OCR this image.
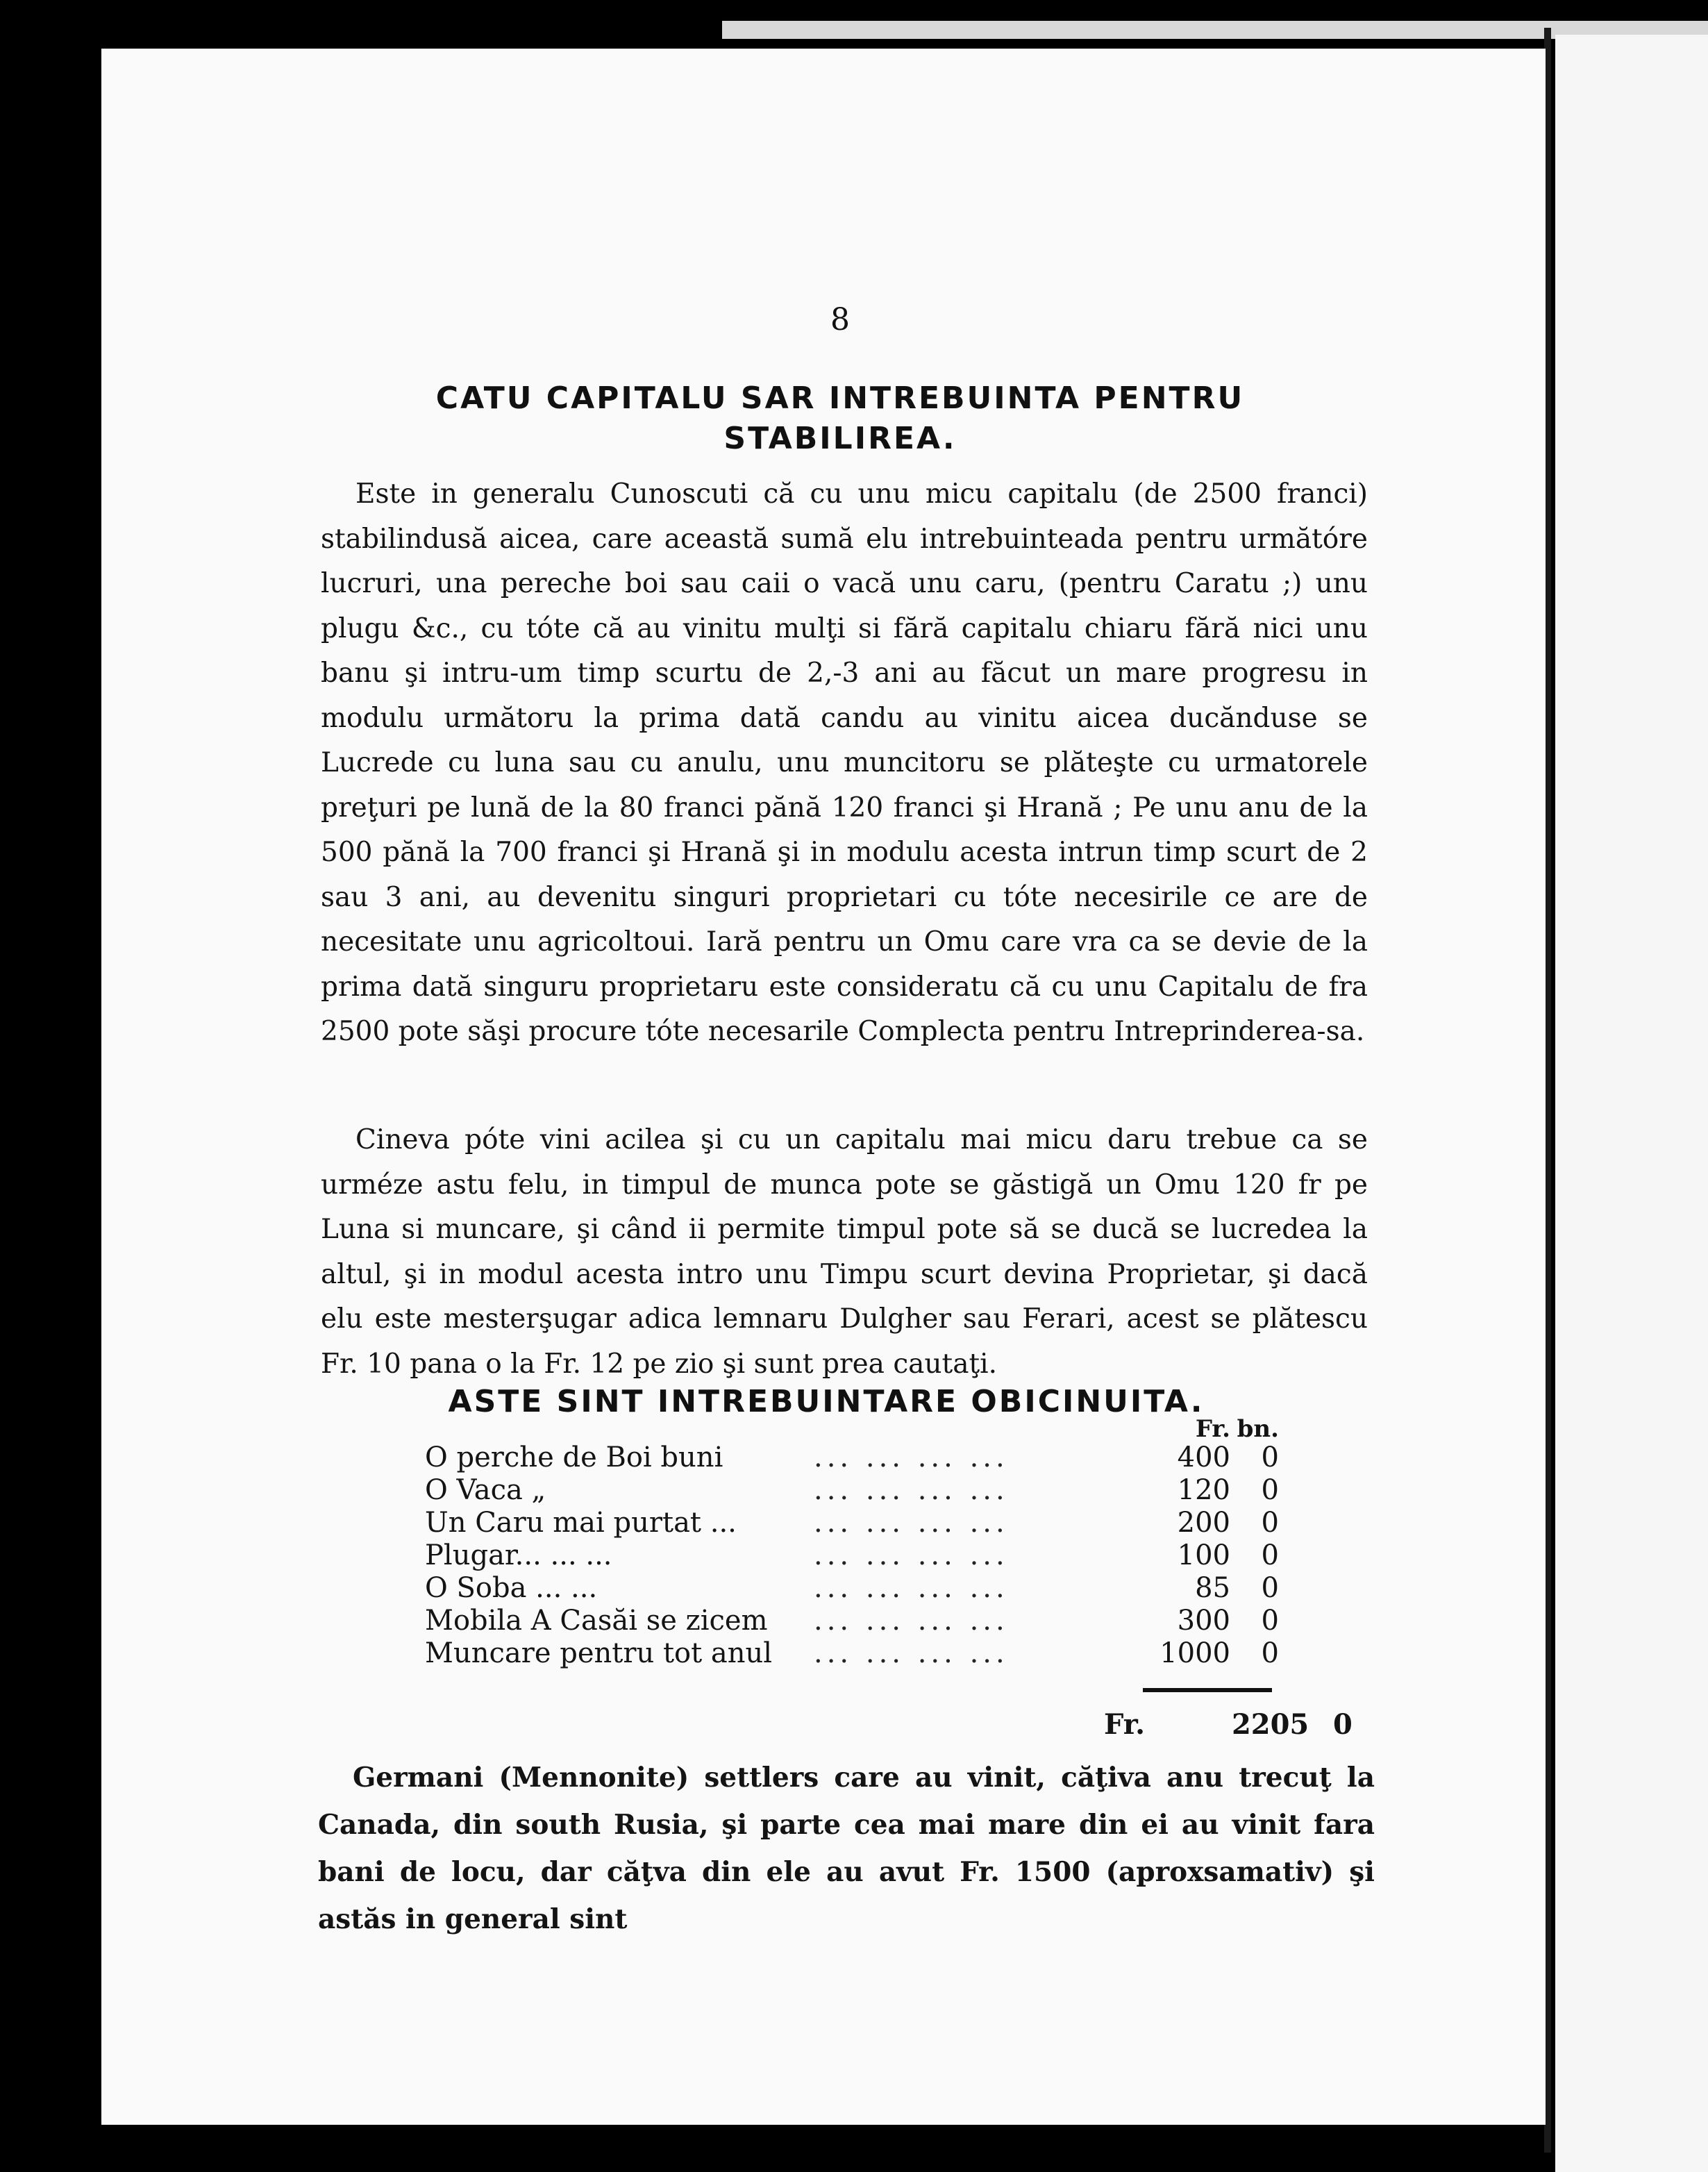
8
CATU CAPITALU SAR INTREBUINTA PENTRU
STABILIREA.

Este in generalu Cunoscuti că cu unu micu capitalu (de 2500 franci) stabilindusă aicea, care această sumă elu intrebuinteada pentru următóre lucruri, una pereche boi sau caii o vacă unu caru, (pentru Caratu ;) unu plugu &c., cu tóte că au vinitu mulţi si fără capitalu chiaru fără nici unu banu şi intru-um timp scurtu de 2,-3 ani au făcut un mare progresu in modulu următoru la prima dată candu au vinitu aicea ducănduse se Lucrede cu luna sau cu anulu, unu muncitoru se plăteşte cu urmatorele preţuri pe lună de la 80 franci pănă 120 franci şi Hrană ; Pe unu anu de la 500 pănă la 700 franci şi Hrană şi in modulu acesta intrun timp scurt de 2 sau 3 ani, au devenitu singuri proprietari cu tóte necesirile ce are de necesitate unu agricoltoui. Iară pentru un Omu care vra ca se devie de la prima dată singuru proprietaru este consideratu că cu unu Capitalu de fra 2500 pote săşi procure tóte necesarile Complecta pentru Intreprinderea-sa.

Cineva póte vini acilea şi cu un capitalu mai micu daru trebue ca se urméze astu felu, in timpul de munca pote se găstigă un Omu 120 fr pe Luna si muncare, şi când ii permite timpul pote să se ducă se lucredea la altul, şi in modul acesta intro unu Timpu scurt devina Proprietar, şi dacă elu este mesterşugar adica lemnaru Dulgher sau Ferari, acest se plătescu Fr. 10 pana o la Fr. 12 pe zio şi sunt prea cautaţi.

ASTE SINT INTREBUINTARE OBICINUITA.
		Fr.	bn.
O perche de Boi buni	... ... ... ...	400	0
O Vaca „	... ... ... ...	120	0
Un Caru mai purtat ...	... ... ... ...	200	0
Plugar... ... ...	... ... ... ...	100	0
O Soba ... ...	... ... ... ...	85	0
Mobila A Casăi se zicem	... ... ... ...	300	0
Muncare pentru tot anul	... ... ... ...	1000	0
Fr.	2205 0

Germani (Mennonite) settlers care au vinit, căţiva anu trecuţ la Canada, din south Rusia, şi parte cea mai mare din ei au vinit fara bani de locu, dar căţva din ele au avut Fr. 1500 (aproxsamativ) şi astăs in general sint
